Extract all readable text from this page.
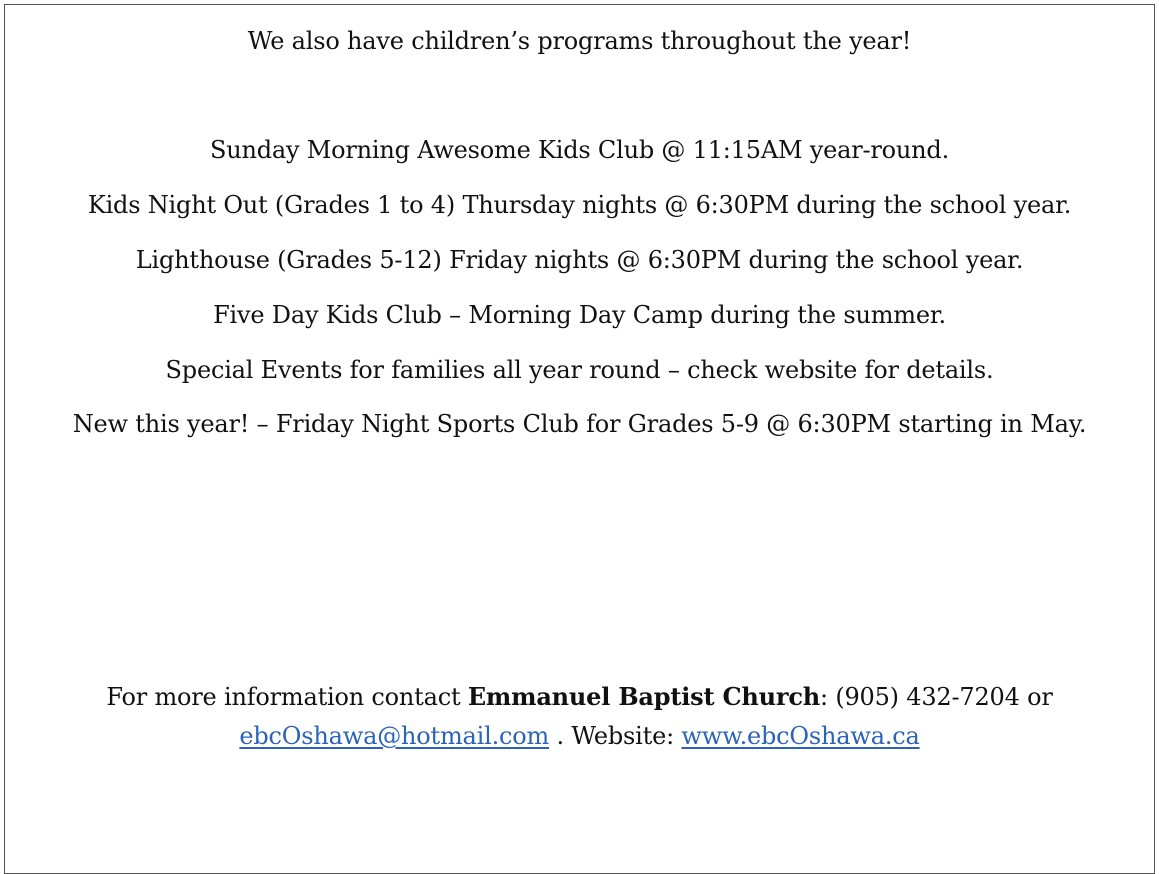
We also have children’s programs throughout the year!
Sunday Morning Awesome Kids Club @ 11:15AM year-round.
Kids Night Out (Grades 1 to 4) Thursday nights @ 6:30PM during the school year.
Lighthouse (Grades 5-12) Friday nights @ 6:30PM during the school year.
Five Day Kids Club – Morning Day Camp during the summer.
Special Events for families all year round – check website for details.
New this year! – Friday Night Sports Club for Grades 5-9 @ 6:30PM starting in May.
For more information contact Emmanuel Baptist Church: (905) 432-7204 or
ebcOshawa@hotmail.com . Website: www.ebcOshawa.ca
